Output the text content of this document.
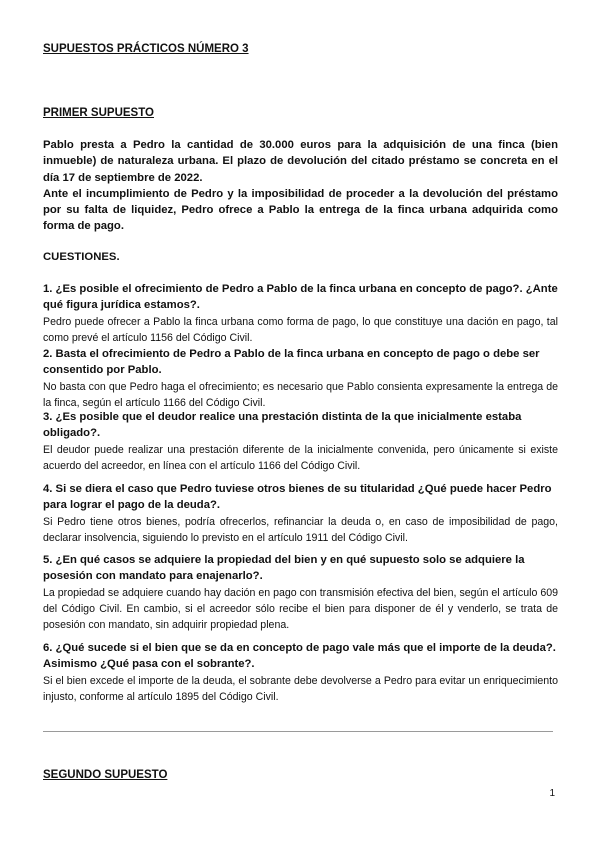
SUPUESTOS PRÁCTICOS NÚMERO 3
PRIMER SUPUESTO

Pablo presta a Pedro la cantidad de 30.000 euros para la adquisición de una finca (bien inmueble) de naturaleza urbana. El plazo de devolución del citado préstamo se concreta en el día 17 de septiembre de 2022.

Ante el incumplimiento de Pedro y la imposibilidad de proceder a la devolución del préstamo por su falta de liquidez, Pedro ofrece a Pablo la entrega de la finca urbana adquirida como forma de pago.

CUESTIONES.

1. ¿Es posible el ofrecimiento de Pedro a Pablo de la finca urbana en concepto de pago?. ¿Ante qué figura jurídica estamos?.

Pedro puede ofrecer a Pablo la finca urbana como forma de pago, lo que constituye una dación en pago, tal como prevé el artículo 1156 del Código Civil.

2. Basta el ofrecimiento de Pedro a Pablo de la finca urbana en concepto de pago o debe ser consentido por Pablo.

No basta con que Pedro haga el ofrecimiento; es necesario que Pablo consienta expresamente la entrega de la finca, según el artículo 1166 del Código Civil.

3. ¿Es posible que el deudor realice una prestación distinta de la que inicialmente estaba obligado?.

El deudor puede realizar una prestación diferente de la inicialmente convenida, pero únicamente si existe acuerdo del acreedor, en línea con el artículo 1166 del Código Civil.

4. Si se diera el caso que Pedro tuviese otros bienes de su titularidad ¿Qué puede hacer Pedro para lograr el pago de la deuda?.

Si Pedro tiene otros bienes, podría ofrecerlos, refinanciar la deuda o, en caso de imposibilidad de pago, declarar insolvencia, siguiendo lo previsto en el artículo 1911 del Código Civil.

5. ¿En qué casos se adquiere la propiedad del bien y en qué supuesto solo se adquiere la posesión con mandato para enajenarlo?.

La propiedad se adquiere cuando hay dación en pago con transmisión efectiva del bien, según el artículo 609 del Código Civil. En cambio, si el acreedor sólo recibe el bien para disponer de él y venderlo, se trata de posesión con mandato, sin adquirir propiedad plena.

6. ¿Qué sucede si el bien que se da en concepto de pago vale más que el importe de la deuda?. Asimismo ¿Qué pasa con el sobrante?.

Si el bien excede el importe de la deuda, el sobrante debe devolverse a Pedro para evitar un enriquecimiento injusto, conforme al artículo 1895 del Código Civil.

SEGUNDO SUPUESTO
1
